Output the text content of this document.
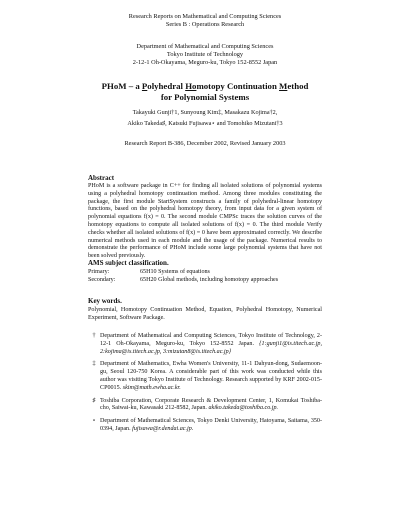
Research Reports on Mathematical and Computing Sciences
Series B : Operations Research
Department of Mathematical and Computing Sciences
Tokyo Institute of Technology
2-12-1 Oh-Okayama, Meguro-ku, Tokyo 152-8552 Japan
PHoM – a Polyhedral Homotopy Continuation Method
for Polynomial Systems
Takayuki Gunji†1, Sunyoung Kim‡, Masakazu Kojima†2,
Akiko Takeda♯, Katsuki Fujisawa⋆ and Tomohiko Mizutani†3
Research Report B-386, December 2002, Revised January 2003
Abstract
PHoM is a software package in C++ for finding all isolated solutions of polynomial systems using a polyhedral homotopy continuation method. Among three modules constituting the package, the first module StartSystem constructs a family of polyhedral-linear homotopy functions, based on the polyhedral homotopy theory, from input data for a given system of polynomial equations f(x) = 0. The second module CMPSc traces the solution curves of the homotopy equations to compute all isolated solutions of f(x) = 0. The third module Verify checks whether all isolated solutions of f(x) = 0 have been approximated correctly. We describe numerical methods used in each module and the usage of the package. Numerical results to demonstrate the performance of PHoM include some large polynomial systems that have not been solved previously.
AMS subject classification.
Primary:	65H10 Systems of equations
Secondary:	65H20 Global methods, including homotopy approaches
Key words.
Polynomial, Homotopy Continuation Method, Equation, Polyhedral Homotopy, Numerical Experiment, Software Package.
† Department of Mathematical and Computing Sciences, Tokyo Institute of Technology, 2-12-1 Oh-Okayama, Meguro-ku, Tokyo 152-8552 Japan. {1:gunji1@is.titech.ac.jp, 2:kojima@is.titech.ac.jp, 3:mizutan8@is.titech.ac.jp}
‡ Department of Mathematics, Ewha Women's University, 11-1 Dahyun-dong, Sudaemoon-gu, Seoul 120-750 Korea. A considerable part of this work was conducted while this author was visiting Tokyo Institute of Technology. Research supported by KRF 2002-015-CP0015. skim@math.ewha.ac.kr.
♯ Toshiba Corporation, Corporate Research & Development Center, 1, Komukai Toshiba-cho, Saiwai-ku, Kawasaki 212-8582, Japan. akiko.takeda@toshiba.co.jp.
⋆ Department of Mathematical Sciences, Tokyo Denki University, Hatoyama, Saitama, 350-0394, Japan. fujisawa@r.dendai.ac.jp.
